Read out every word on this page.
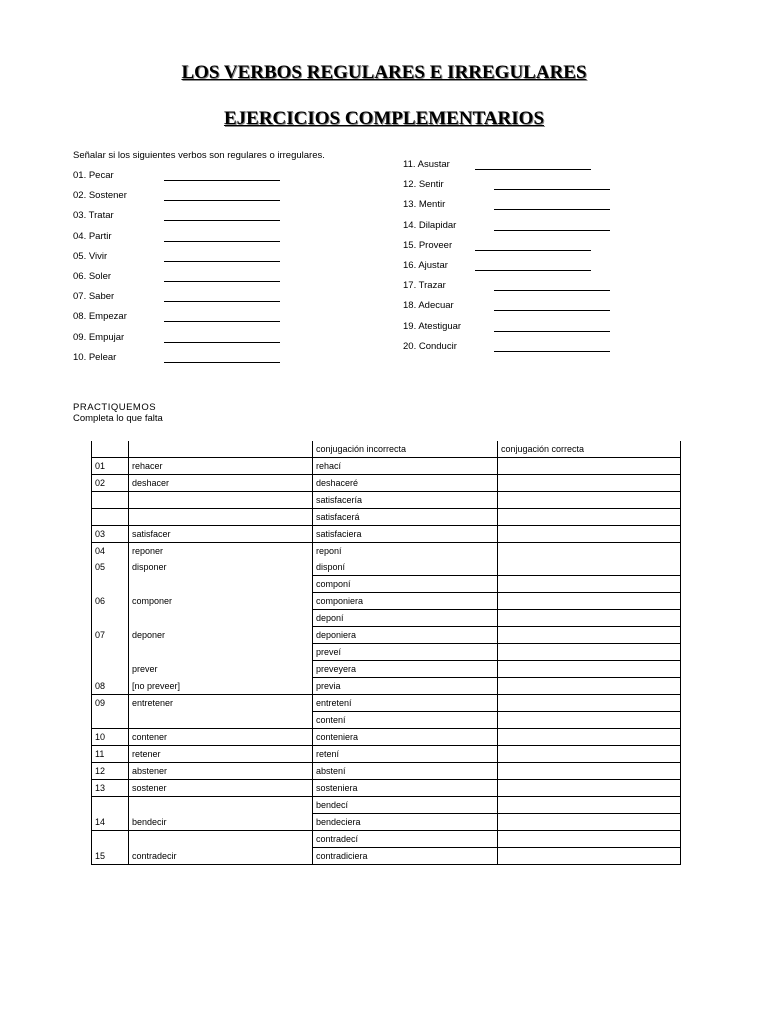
LOS VERBOS REGULARES E IRREGULARES
EJERCICIOS COMPLEMENTARIOS
Señalar si los siguientes verbos son regulares o irregulares.
01. Pecar
02. Sostener
03. Tratar
04. Partir
05. Vivir
06. Soler
07. Saber
08. Empezar
09. Empujar
10. Pelear
11. Asustar
12. Sentir
13. Mentir
14. Dilapidar
15. Proveer
16. Ajustar
17. Trazar
18. Adecuar
19. Atestiguar
20. Conducir
PRACTIQUEMOS
Completa lo que falta
		conjugación incorrecta	conjugación correcta
01	rehacer	rehací	
02	deshacer	deshaceré	
		satisfacería	
		satisfacerá	
03	satisfacer	satisfaciera	
04	reponer	reponí	
05	disponer	disponí	
		componí	
06	componer	componiera	
		deponí	
07	deponer	deponiera	
		preveí	
	prever	preveyera	
08	[no preveer]	previa	
09	entretener	entretení	
		contení	
10	contener	conteniera	
11	retener	retení	
12	abstener	abstení	
13	sostener	sosteniera	
		bendecí	
14	bendecir	bendeciera	
		contradecí	
15	contradecir	contradiciera	
